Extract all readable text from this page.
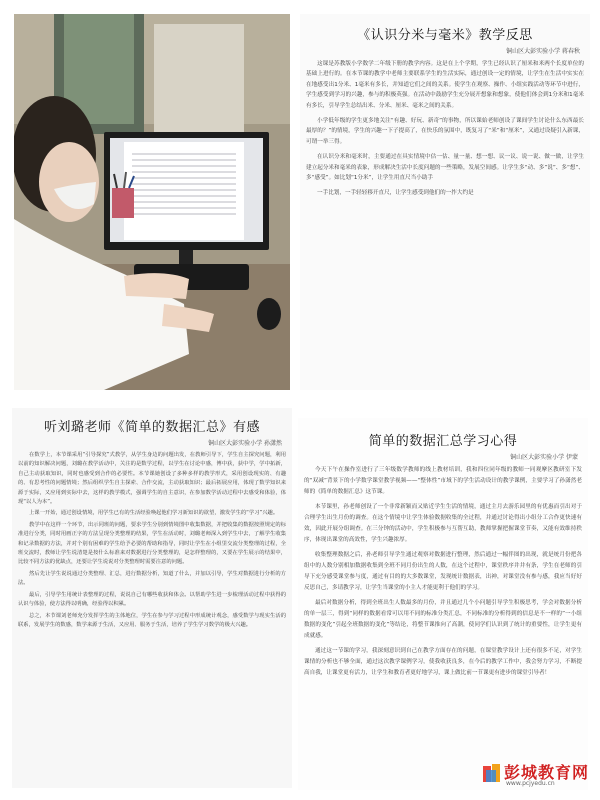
《认识分米与毫米》教学反思
铜山区大彭实验小学 蒋春秋

这课是苏教版小学数学二年级下册的教学内容。这是在上个学期，学生已经认识了厘米和米两个长度单位的基础上进行的。在本节课的教学中老师主要联系学生的生活实际，通过创设一定的情境，让学生在生活中实实在在地感受出1分米、1毫米有多长，并知道它们之间的关系。使学生在观察、操作、小组实践活动等环节中进行，学生感受到学习的兴趣，参与的积极英强。在活动中鼓励学生充分展开想象和想象，使他们体会到1分米和1毫米有多长，引导学生总结出米、分米、厘米、毫米之间的关系。

小学低年级的学生更多地关注“有趣、好玩、新奇”的事物，所以课始老师创设了课间学生讨论什么东西最长最厚的？”的情境，学生的兴趣一下子提高了，在快乐的氛围中，既复习了“米”和“厘米”，又通过设疑引入新课，可谓一举三得。

在认识分米和毫米时，主要通过在具实情境中估一估、量一量、想一想、议一议、说一说、做一做，让学生建立起分米和毫米的表象，形成解决生活中长度问题的一些策略，发展空间感。让学生多“动、多”说”、多“想”、多“感受”。如比划“1分米”，让学生用直尺当小助手

一手比划，一手轻轻移开直尺，让学生感受到他们的一拃大约是

听刘璐老师《简单的数据汇总》有感
铜山区大彭实验小学 孙潇然

在数学上，本节课采用“引导探究”式教学，从学生身边的问题出发，在教师引导下，学生自主探究问题，利用以前的知识解决问题，刘璐在教学活动中，关注的是数学过程，以学生在讨论中感，博中获，获中学，学中拓新，自己主动获取知识，同时也感受到合作的必要性。本节课她创设了多种多样的教学形式，采用创设现实的、有趣的、有思考性的问题情境；然后组织学生自主探索、合作交流，主动获取知识；最后拓展应用，体现了数学知识来源于实际，又应用到实际中去，这样的教学模式，强调学生的自主意识，在参加数学活动过程中去感受和体验，体现“以人为本”。

上课一开始，通过创设情境，用学生已有的生活经验唤起他们学习新知识的欲望，激发学生的“学习”兴趣。

教学中在这样一个环节，出示同班的问题，要求学生分别到情境图中收集数据，并把收集的数据按照规定的标准进行分类，同时用画正字的方法呈现分类整理的结果，学生在活动时，刘璐老师深入到学生中去，了解学生收集和记录数据的方法，并对个别有困难的学生给予必要的帮助和指导，同时让学生在小组里交流分类整理的过程，全班交流时，教师让学生说清楚是按什么标准来对数据进行分类整理的，是怎样整理的，又要在学生展示的结果中，比较不同方法的优缺点，还要让学生说说对分类整理时需要注意的问题。

然后先让学生说说通过分类整理、汇总，进行数据分析，知道了什么，并加以引导，学生对数据进行分析的方法。

最后，引导学生用统计表整理的过程，说说自己有哪些收获和体会。以帮助学生进一步梳理活动过程中获得的认识与体验，使方法得以明确，经验得以积累。

总之，本节课刘老师充分发挥学生的主体地位，学生在参与学习过程中形成统计观念，感受数学与现实生活的联系，发展学生的数感，数学来源于生活，又应用、服务于生活，培养了学生学习数学的极大兴趣。

简单的数据汇总学习心得
铜山区大彭实验小学 伊蒙

今天下午在操作室进行了三年级数学教师的线上教材培训，我和四位同年级的教师一同观摩区教研室下发的“双减”背景下的小学数学课堂教学视频——“整体性”市域下的学生活动设计的教学课例，主要学习了孙潇然老师的《简单的数据汇总》这节课。

本节课里，孙老师创设了一个非常新颖而又贴近学生生活的情境，通过主月去游乐园里的有优惠而引出对于合理学生出生月份的调查。在这个情境中让学生体验数据收集的全过程，并通过讨论得出小组分工合作更快速有效，因此开展分组调查。在三分钟的活动中，学生积极参与互帮互助，教师掌握把握课堂节奏，又能有效维持秩序，体现出课堂的高效性，学生兴趣浓厚。

收集整理数据之后，孙老师引导学生通过观察对数据进行整理，然后通过一幅伴图的出现，就是统月份把各组中的人数分别相加数据收集到全班不同月份出生的人数，在这个过程中，课堂秩序井井有条，学生在老师的引导下充分感受课堂参与度，通过有目的的大多数课堂，发现统计数据表，出神，对课堂没有参与感，我应当好好反思自己，多请教学习，让学生当课堂的小主人才能更利于他们的学习。

最后对数据分析，得到全班出生人数最多的月份，并且通过几个小问题引导学生积极思考，学会对数据分析的单一层三，得到“同样的数据看常可以用不同的标准分类汇总，不同标准的分析得到的信息是不一样的”一小组数据的变化”引起全班数据的变化”等结论，将整节课推向了高潮，使同学们认识到了统计的重要性，让学生更有成就感。

通过这一节课的学习，我深刻意识到自己在教学方面存在的问题，在课堂教学设计上还有很多不足，对学生课情的分析也不够全面，通过这次教学课例学习，使我收获良多，在今后的教学工作中，我会努力学习，不断提高自我，让课堂更有活力，让学生和教育者更好地学习，课上做比前一节课更有进步的课堂引导者！

彭城教育网
www.pcjyedu.cn
